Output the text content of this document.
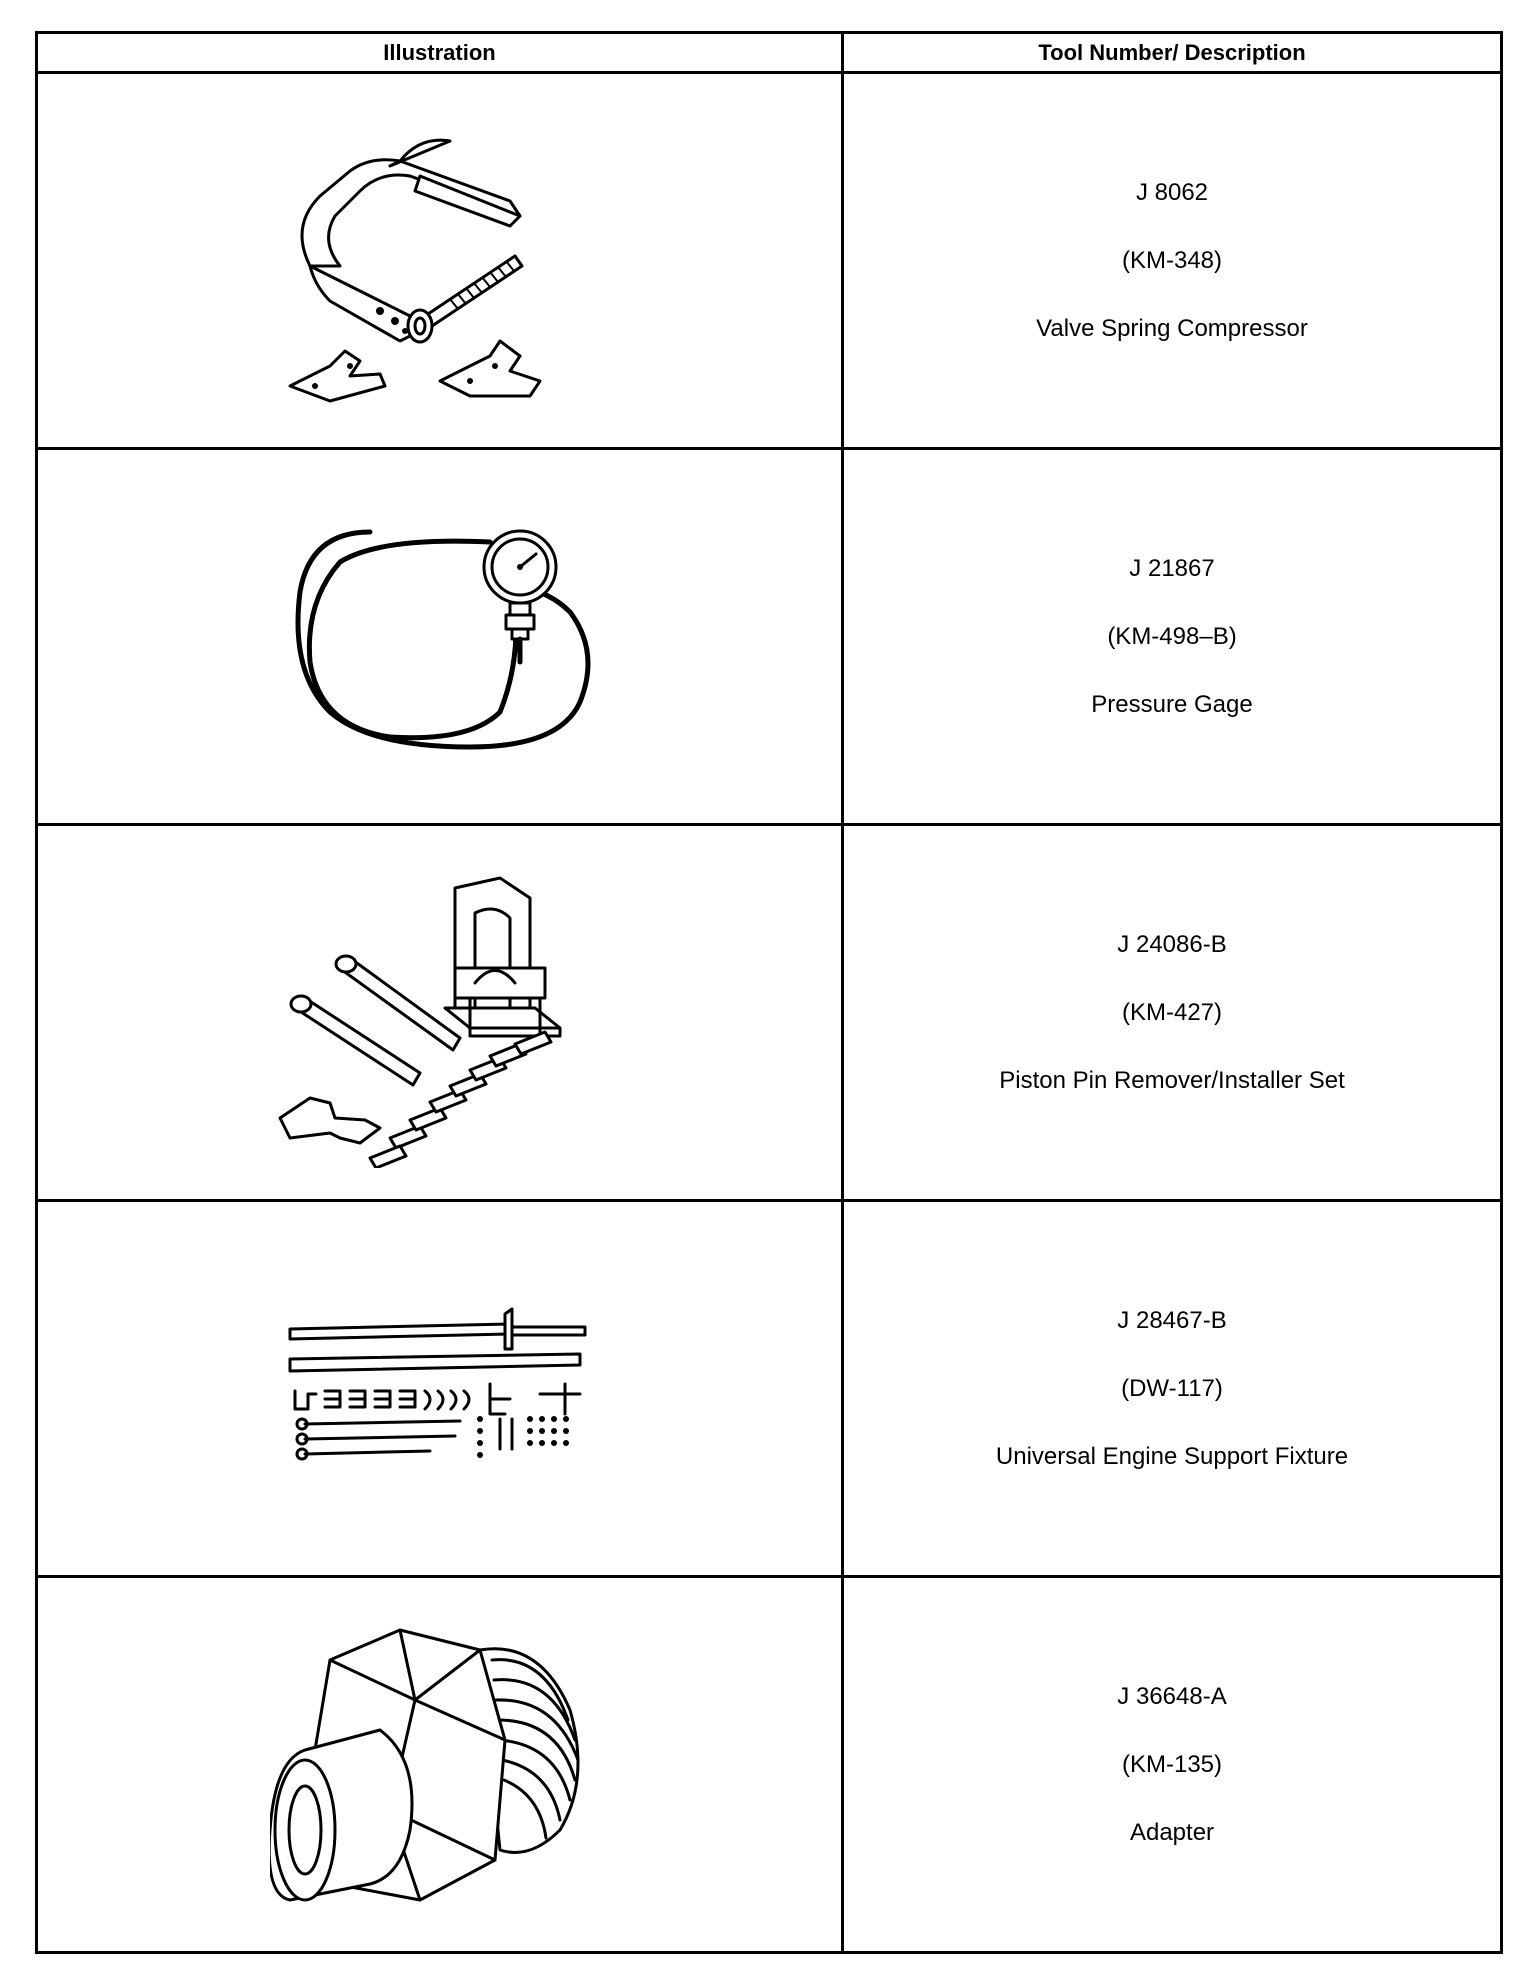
Illustration	Tool Number/ Description

J 8062
(KM-348)
Valve Spring Compressor

J 21867
(KM-498–B)
Pressure Gage

J 24086-B
(KM-427)
Piston Pin Remover/Installer Set

J 28467-B
(DW-117)
Universal Engine Support Fixture

J 36648-A
(KM-135)
Adapter
